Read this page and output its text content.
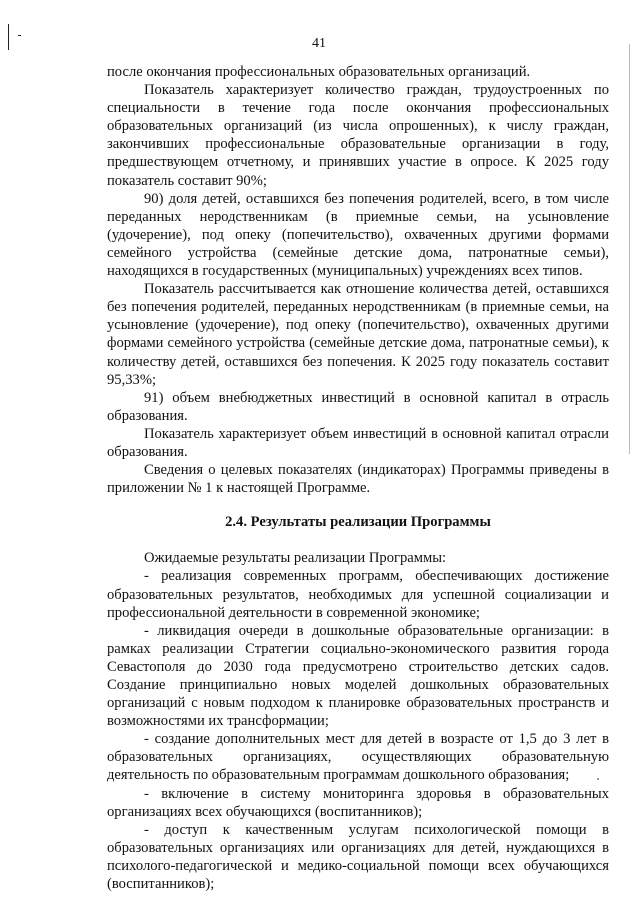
41

после окончания профессиональных образовательных организаций.

Показатель характеризует количество граждан, трудоустроенных по специальности в течение года после окончания профессиональных образовательных организаций (из числа опрошенных), к числу граждан, закончивших профессиональные образовательные организации в году, предшествующем отчетному, и принявших участие в опросе. К 2025 году показатель составит 90%;

90) доля детей, оставшихся без попечения родителей, всего, в том числе переданных неродственникам (в приемные семьи, на усыновление (удочерение), под опеку (попечительство), охваченных другими формами семейного устройства (семейные детские дома, патронатные семьи), находящихся в государственных (муниципальных) учреждениях всех типов.

Показатель рассчитывается как отношение количества детей, оставшихся без попечения родителей, переданных неродственникам (в приемные семьи, на усыновление (удочерение), под опеку (попечительство), охваченных другими формами семейного устройства (семейные детские дома, патронатные семьи), к количеству детей, оставшихся без попечения. К 2025 году показатель составит 95,33%;

91) объем внебюджетных инвестиций в основной капитал в отрасль образования.

Показатель характеризует объем инвестиций в основной капитал отрасли образования.

Сведения о целевых показателях (индикаторах) Программы приведены в приложении № 1 к настоящей Программе.

2.4. Результаты реализации Программы

Ожидаемые результаты реализации Программы:

- реализация современных программ, обеспечивающих достижение образовательных результатов, необходимых для успешной социализации и профессиональной деятельности в современной экономике;

- ликвидация очереди в дошкольные образовательные организации: в рамках реализации Стратегии социально-экономического развития города Севастополя до 2030 года предусмотрено строительство детских садов. Создание принципиально новых моделей дошкольных образовательных организаций с новым подходом к планировке образовательных пространств и возможностями их трансформации;

- создание дополнительных мест для детей в возрасте от 1,5 до 3 лет в образовательных организациях, осуществляющих образовательную деятельность по образовательным программам дошкольного образования;

- включение в систему мониторинга здоровья в образовательных организациях всех обучающихся (воспитанников);

- доступ к качественным услугам психологической помощи в образовательных организациях или организациях для детей, нуждающихся в психолого-педагогической и медико-социальной помощи всех обучающихся (воспитанников);
